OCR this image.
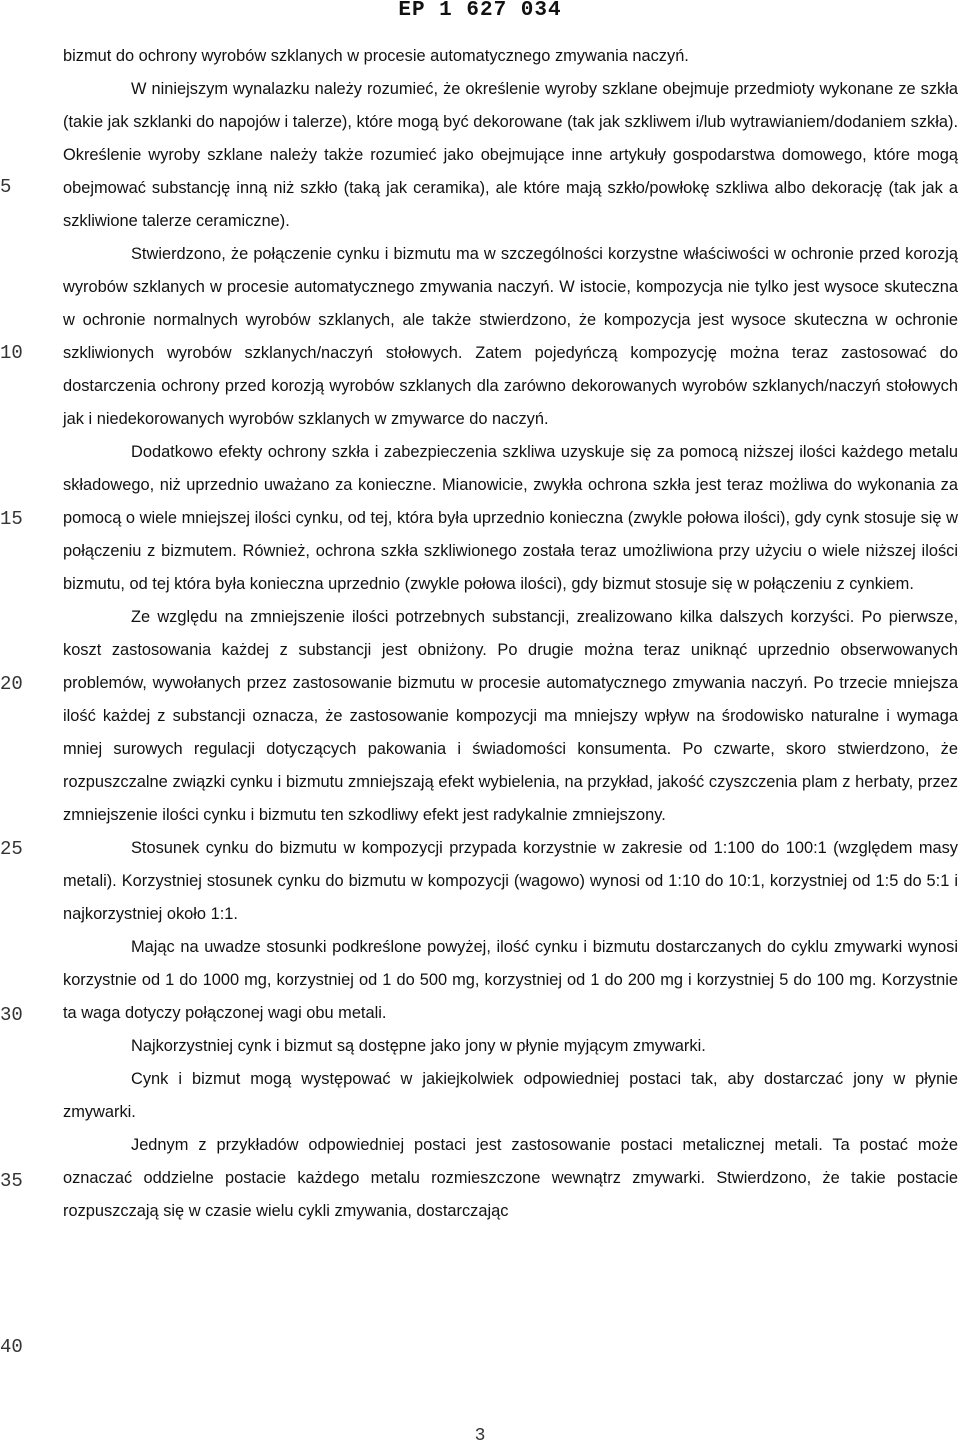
EP 1 627 034
5
10
15
20
25
30
35
40

bizmut do ochrony wyrobów szklanych w procesie automatycznego zmywania naczyń.

W niniejszym wynalazku należy rozumieć, że określenie wyroby szklane obejmuje przedmioty wykonane ze szkła (takie jak szklanki do napojów i talerze), które mogą być dekorowane (tak jak szkliwem i/lub wytrawianiem/dodaniem szkła). Określenie wyroby szklane należy także rozumieć jako obejmujące inne artykuły gospodarstwa domowego, które mogą obejmować substancję inną niż szkło (taką jak ceramika), ale które mają szkło/powłokę szkliwa albo dekorację (tak jak a szkliwione talerze ceramiczne).

Stwierdzono, że połączenie cynku i bizmutu ma w szczególności korzystne właściwości w ochronie przed korozją wyrobów szklanych w procesie automatycznego zmywania naczyń. W istocie, kompozycja nie tylko jest wysoce skuteczna w ochronie normalnych wyrobów szklanych, ale także stwierdzono, że kompozycja jest wysoce skuteczna w ochronie szkliwionych wyrobów szklanych/naczyń stołowych. Zatem pojedyńczą kompozycję można teraz zastosować do dostarczenia ochrony przed korozją wyrobów szklanych dla zarówno dekorowanych wyrobów szklanych/naczyń stołowych jak i niedekorowanych wyrobów szklanych w zmywarce do naczyń.

Dodatkowo efekty ochrony szkła i zabezpieczenia szkliwa uzyskuje się za pomocą niższej ilości każdego metalu składowego, niż uprzednio uważano za konieczne. Mianowicie, zwykła ochrona szkła jest teraz możliwa do wykonania za pomocą o wiele mniejszej ilości cynku, od tej, która była uprzednio konieczna (zwykle połowa ilości), gdy cynk stosuje się w połączeniu z bizmutem. Również, ochrona szkła szkliwionego została teraz umożliwiona przy użyciu o wiele niższej ilości bizmutu, od tej która była konieczna uprzednio (zwykle połowa ilości), gdy bizmut stosuje się w połączeniu z cynkiem.

Ze względu na zmniejszenie ilości potrzebnych substancji, zrealizowano kilka dalszych korzyści. Po pierwsze, koszt zastosowania każdej z substancji jest obniżony. Po drugie można teraz uniknąć uprzednio obserwowanych problemów, wywołanych przez zastosowanie bizmutu w procesie automatycznego zmywania naczyń. Po trzecie mniejsza ilość każdej z substancji oznacza, że zastosowanie kompozycji ma mniejszy wpływ na środowisko naturalne i wymaga mniej surowych regulacji dotyczących pakowania i świadomości konsumenta. Po czwarte, skoro stwierdzono, że rozpuszczalne związki cynku i bizmutu zmniejszają efekt wybielenia, na przykład, jakość czyszczenia plam z herbaty, przez zmniejszenie ilości cynku i bizmutu ten szkodliwy efekt jest radykalnie zmniejszony.

Stosunek cynku do bizmutu w kompozycji przypada korzystnie w zakresie od 1:100 do 100:1 (względem masy metali). Korzystniej stosunek cynku do bizmutu w kompozycji (wagowo) wynosi od 1:10 do 10:1, korzystniej od 1:5 do 5:1 i najkorzystniej około 1:1.

Mając na uwadze stosunki podkreślone powyżej, ilość cynku i bizmutu dostarczanych do cyklu zmywarki wynosi korzystnie od 1 do 1000 mg, korzystniej od 1 do 500 mg, korzystniej od 1 do 200 mg i korzystniej 5 do 100 mg. Korzystnie ta waga dotyczy połączonej wagi obu metali.

Najkorzystniej cynk i bizmut są dostępne jako jony w płynie myjącym zmywarki.

Cynk i bizmut mogą występować w jakiejkolwiek odpowiedniej postaci tak, aby dostarczać jony w płynie zmywarki.

Jednym z przykładów odpowiedniej postaci jest zastosowanie postaci metalicznej metali. Ta postać może oznaczać oddzielne postacie każdego metalu rozmieszczone wewnątrz zmywarki. Stwierdzono, że takie postacie rozpuszczają się w czasie wielu cykli zmywania, dostarczając

3
